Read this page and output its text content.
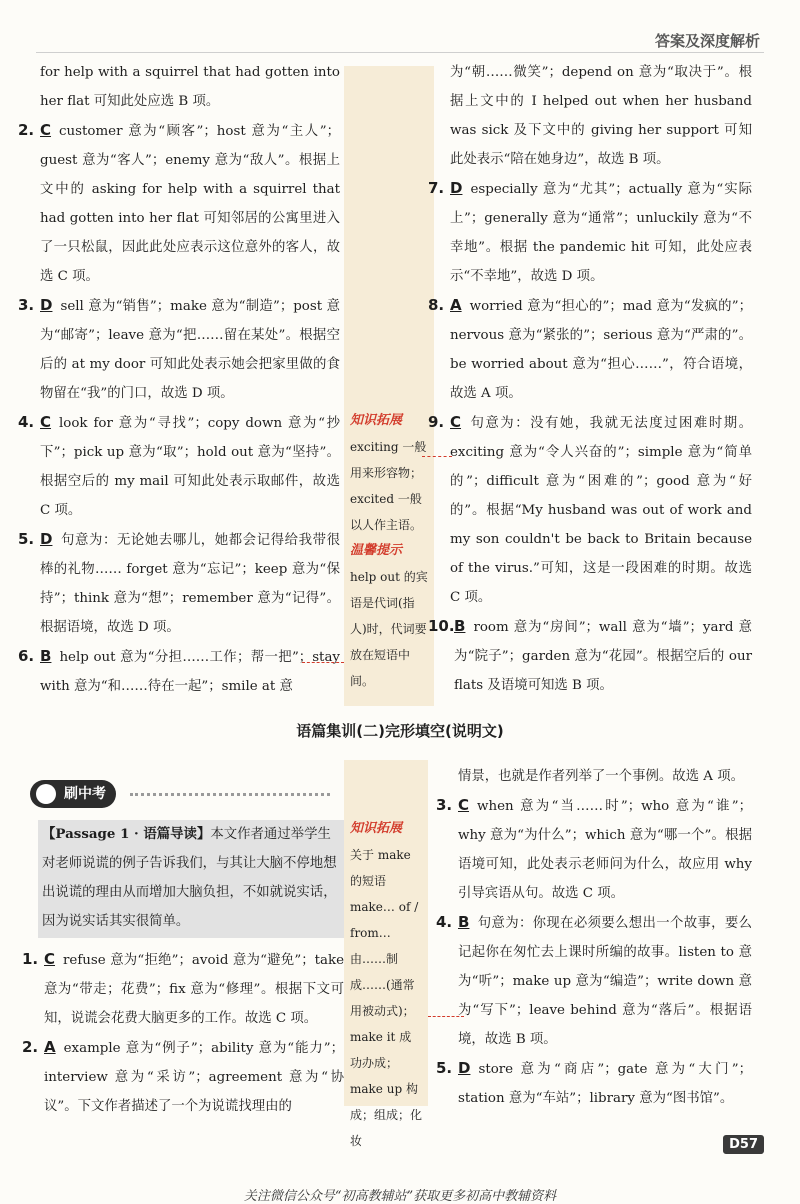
答案及深度解析
for help with a squirrel that had gotten into her flat 可知此处应选 B 项。
2. C customer 意为“顾客”；host 意为“主人”；guest 意为“客人”；enemy 意为“敌人”。根据上文中的 asking for help with a squirrel that had gotten into her flat 可知邻居的公寓里进入了一只松鼠，因此此处应表示这位意外的客人，故选 C 项。
3. D sell 意为“销售”；make 意为“制造”；post 意为“邮寄”；leave 意为“把……留在某处”。根据空后的 at my door 可知此处表示她会把家里做的食物留在“我”的门口，故选 D 项。
4. C look for 意为“寻找”；copy down 意为“抄下”；pick up 意为“取”；hold out 意为“坚持”。根据空后的 my mail 可知此处表示取邮件，故选 C 项。
5. D 句意为：无论她去哪儿，她都会记得给我带很棒的礼物…… forget 意为“忘记”；keep 意为“保持”；think 意为“想”；remember 意为“记得”。根据语境，故选 D 项。
6. B help out 意为“分担……工作；帮一把”；stay with 意为“和……待在一起”；smile at 意
知识拓展
exciting 一般用来形容物；excited 一般以人作主语。
温馨提示
help out 的宾语是代词(指人)时，代词要放在短语中间。
为“朝……微笑”；depend on 意为“取决于”。根据上文中的 I helped out when her husband was sick 及下文中的 giving her support 可知此处表示“陪在她身边”，故选 B 项。
7. D especially 意为“尤其”；actually 意为“实际上”；generally 意为“通常”；unluckily 意为“不幸地”。根据 the pandemic hit 可知，此处应表示“不幸地”，故选 D 项。
8. A worried 意为“担心的”；mad 意为“发疯的”；nervous 意为“紧张的”；serious 意为“严肃的”。be worried about 意为“担心……”，符合语境，故选 A 项。
9. C 句意为：没有她，我就无法度过困难时期。exciting 意为“令人兴奋的”；simple 意为“简单的”；difficult 意为“困难的”；good 意为“好的”。根据“My husband was out of work and my son couldn't be back to Britain because of the virus.”可知，这是一段困难的时期。故选 C 项。
10.B room 意为“房间”；wall 意为“墙”；yard 意为“院子”；garden 意为“花园”。根据空后的 our flats 及语境可知选 B 项。
语篇集训(二)完形填空(说明文)
刷中考
【Passage 1 · 语篇导读】本文作者通过举学生对老师说谎的例子告诉我们，与其让大脑不停地想出说谎的理由从而增加大脑负担，不如就说实话，因为说实话其实很简单。
1. C refuse 意为“拒绝”；avoid 意为“避免”；take 意为“带走；花费”；fix 意为“修理”。根据下文可知，说谎会花费大脑更多的工作。故选 C 项。
2. A example 意为“例子”；ability 意为“能力”；interview 意为“采访”；agreement 意为“协议”。下文作者描述了一个为说谎找理由的
知识拓展
关于 make 的短语 make… of / from… 由……制成……(通常用被动式)；make it 成功办成；make up 构成；组成；化妆
情景，也就是作者列举了一个事例。故选 A 项。
3. C when 意为“当……时”；who 意为“谁”；why 意为“为什么”；which 意为“哪一个”。根据语境可知，此处表示老师问为什么，故应用 why 引导宾语从句。故选 C 项。
4. B 句意为：你现在必须要么想出一个故事，要么记起你在匆忙去上课时所编的故事。listen to 意为“听”；make up 意为“编造”；write down 意为“写下”；leave behind 意为“落后”。根据语境，故选 B 项。
5. D store 意为“商店”；gate 意为“大门”；station 意为“车站”；library 意为“图书馆”。
D57
关注微信公众号“初高教辅站”获取更多初高中教辅资料
